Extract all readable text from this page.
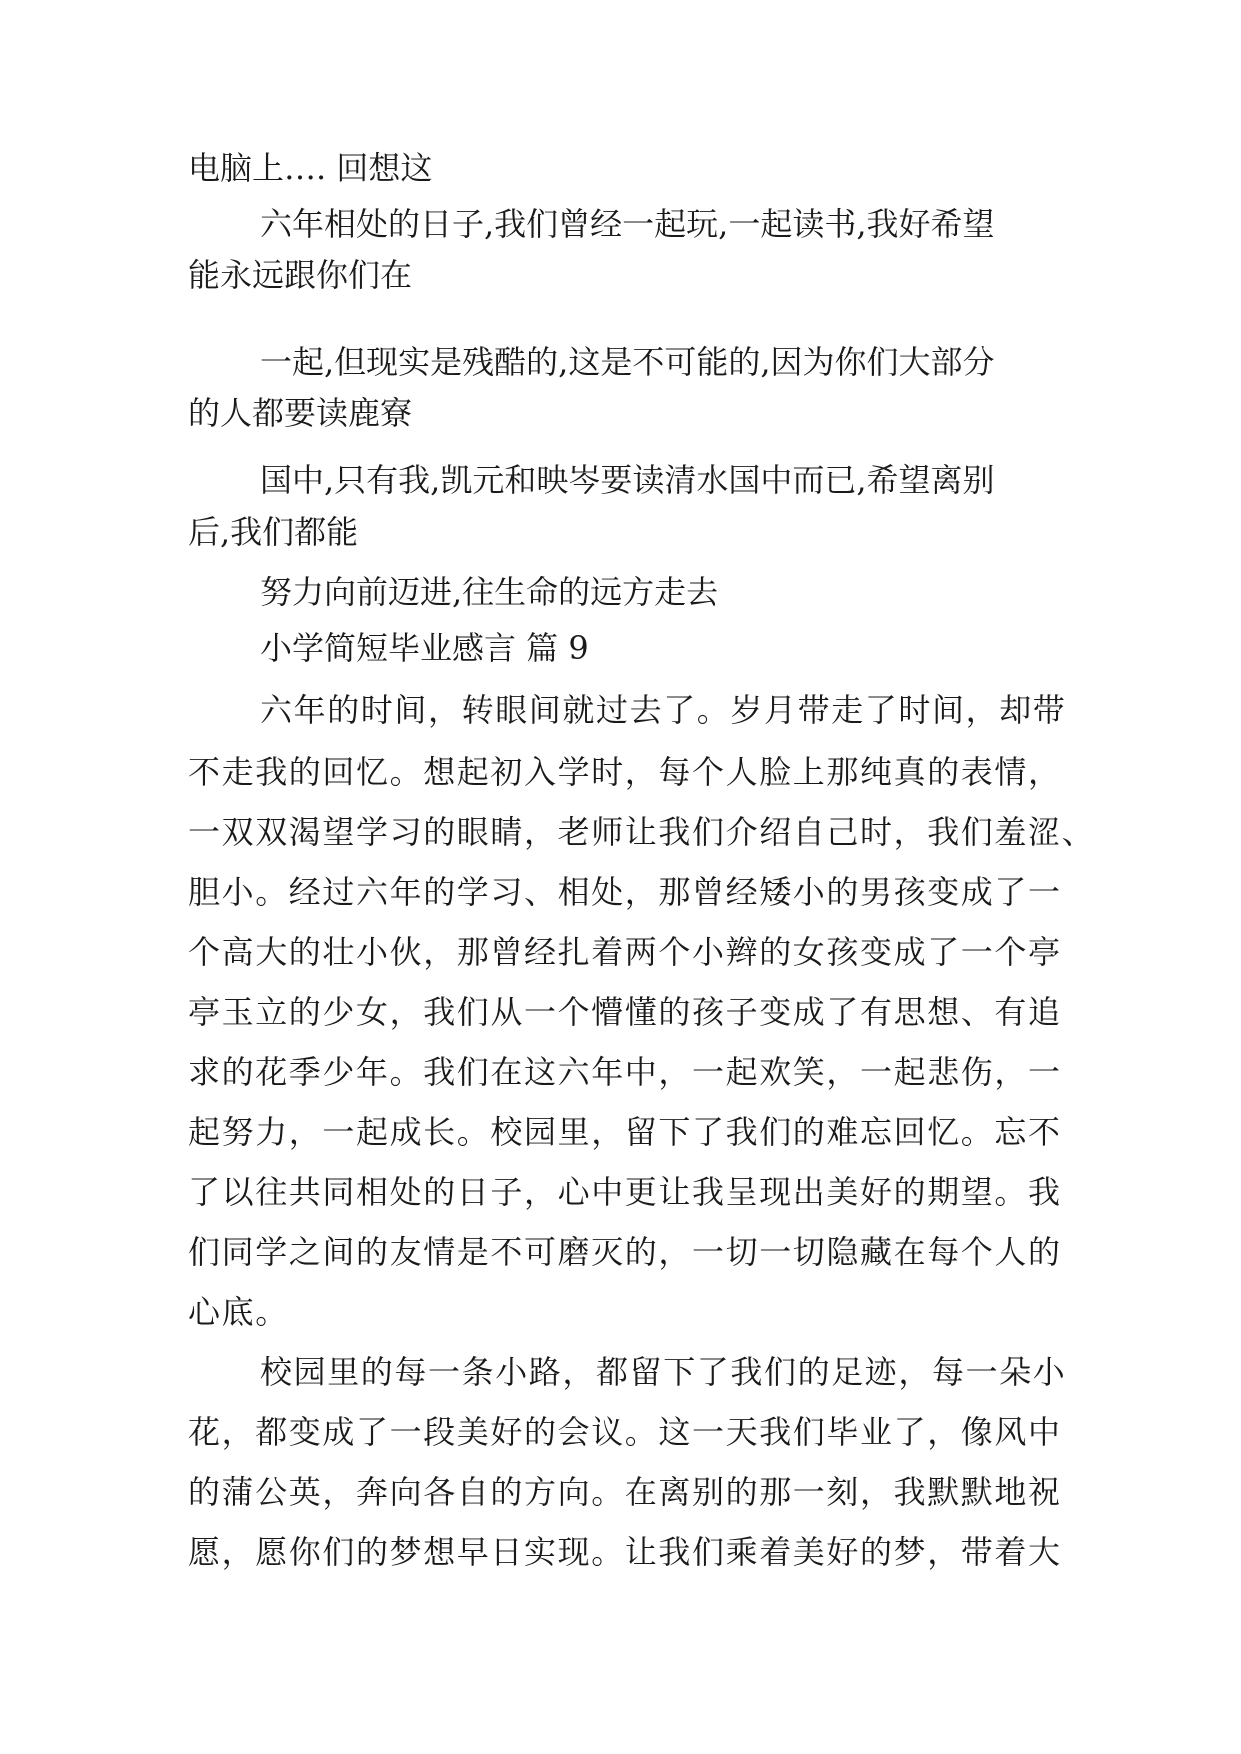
电脑上…. 回想这

六年相处的日子,我们曾经一起玩,一起读书,我好希望

能永远跟你们在

一起,但现实是残酷的,这是不可能的,因为你们大部分

的人都要读鹿寮

国中,只有我,凯元和映岑要读清水国中而已,希望离别

后,我们都能

努力向前迈进,往生命的远方走去

小学简短毕业感言 篇 9

六年的时间，转眼间就过去了。岁月带走了时间，却带

不走我的回忆。想起初入学时，每个人脸上那纯真的表情，

一双双渴望学习的眼睛，老师让我们介绍自己时，我们羞涩、

胆小。经过六年的学习、相处，那曾经矮小的男孩变成了一

个高大的壮小伙，那曾经扎着两个小辫的女孩变成了一个亭

亭玉立的少女，我们从一个懵懂的孩子变成了有思想、有追

求的花季少年。我们在这六年中，一起欢笑，一起悲伤，一

起努力，一起成长。校园里，留下了我们的难忘回忆。忘不

了以往共同相处的日子，心中更让我呈现出美好的期望。我

们同学之间的友情是不可磨灭的，一切一切隐藏在每个人的

心底。

校园里的每一条小路，都留下了我们的足迹，每一朵小

花，都变成了一段美好的会议。这一天我们毕业了，像风中

的蒲公英，奔向各自的方向。在离别的那一刻，我默默地祝

愿，愿你们的梦想早日实现。让我们乘着美好的梦，带着大
